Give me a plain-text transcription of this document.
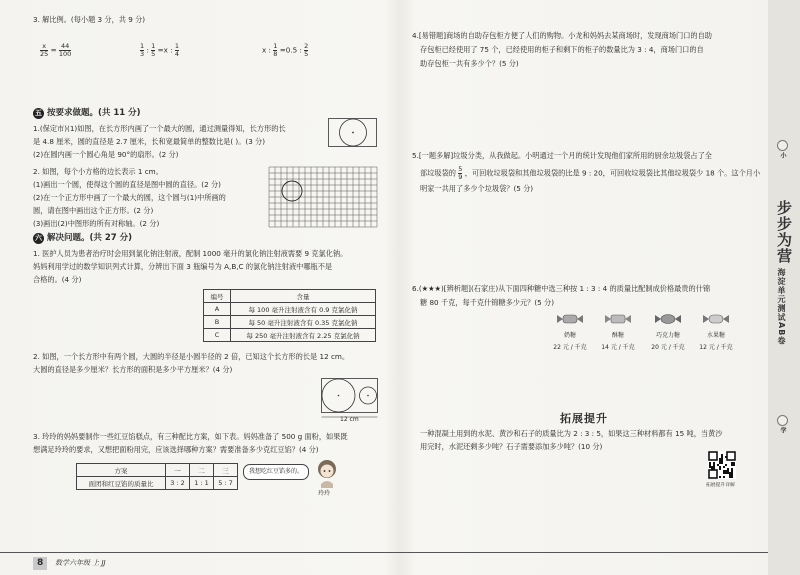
3. 解比例。(每小题 3 分，共 9 分)
$\frac{x}{25} = \frac{44}{100}$	$\frac{1}{3}$ : $\frac{1}{5} =x$ : $\frac{1}{4}$	x : $\frac{1}{8} =0.5$ : $\frac{2}{5}$
五 按要求做题。(共 11 分)
1.(保定市)(1)如图，在长方形内画了一个最大的圆，通过测量得知，长方形的长
是 4.8 厘米，圆的直径是 2.7 厘米，长和宽最简单的整数比是( )。(3 分)
(2)在圆内画一个圆心角是 90°的扇形。(2 分)
2. 如图，每个小方格的边长表示 1 cm。
(1)画出一个圆，使得这个圆的直径是图中圆的直径。(2 分)
(2)在一个正方形中画了一个最大的圆，这个圆与(1)中所画的
圆，请在图中画出这个正方形。(2 分)
(3)画出(2)中图形的所有对称轴。(2 分)
六 解决问题。(共 27 分)
1. 医护人员为患者治疗时会用到氯化钠注射液，配制 1000 毫升的氯化钠注射液需要 9 克氯化钠。
妈妈利用学过的数学知识列式计算，分辨出下面 3 瓶编号为 A,B,C 的氯化钠注射液中哪瓶不是
合格的。(4 分)
编号	含量
A	每 100 毫升注射液含有 0.9 克氯化钠
B	每 50 毫升注射液含有 0.35 克氯化钠
C	每 250 毫升注射液含有 2.25 克氯化钠
2. 如图，一个长方形中有两个圆，大圆的半径是小圆半径的 2 倍，已知这个长方形的长是 12 cm。
大圆的直径是多少厘米？长方形的面积是多少平方厘米？(4 分)
12 cm
3. 玲玲的妈妈要制作一些红豆馅糕点，有三种配比方案，如下表。妈妈准备了 500 g 面粉，如果既
想满足玲玲的要求，又想把面粉用完，应该选择哪种方案？需要准备多少克红豆馅？(4 分)
方案	一	二	三
面团和红豆馅的质量比	3 : 2	1 : 1	5 : 7
我想吃红豆馅多的。
玲玲
4.[易错题]商场的自助存包柜方便了人们的购物。小龙和妈妈去某商场时，发现商场门口的自助
存包柜已经使用了 75 个，已经使用的柜子和剩下的柜子的数量比为 3 : 4，商场门口的自
助存包柜一共有多少个？(5 分)
5.[一题多解]垃圾分类，从我做起。小明通过一个月的统计发现他们家所用的厨余垃圾袋占了全
部垃圾袋的 $\frac{5}{9}$ ，可回收垃圾袋和其他垃圾袋的比是 9 : 20，可回收垃圾袋比其他垃圾袋少 18 个。这个月小
明家一共用了多少个垃圾袋？(5 分)
6.(★★★)[辨析题](石家庄)从下面四种糖中选三种按 1 : 3 : 4 的质量比配制成价格最贵的什锦
糖 80 千克，每千克什锦糖多少元？(5 分)
奶糖
22 元 / 千克
酥糖
14 元 / 千克
巧克力糖
20 元 / 千克
水果糖
12 元 / 千克
拓展提升
一种混凝土用到的水泥、黄沙和石子的质量比为 2 : 3 : 5，如果这三种材料都有 15 吨，当黄沙
用完时，水泥还剩多少吨？石子需要添加多少吨？(10 分)
拓展提升详解
步步为营
海淀单元测试AB卷
小
学
8	数学六年级 上 JJ
